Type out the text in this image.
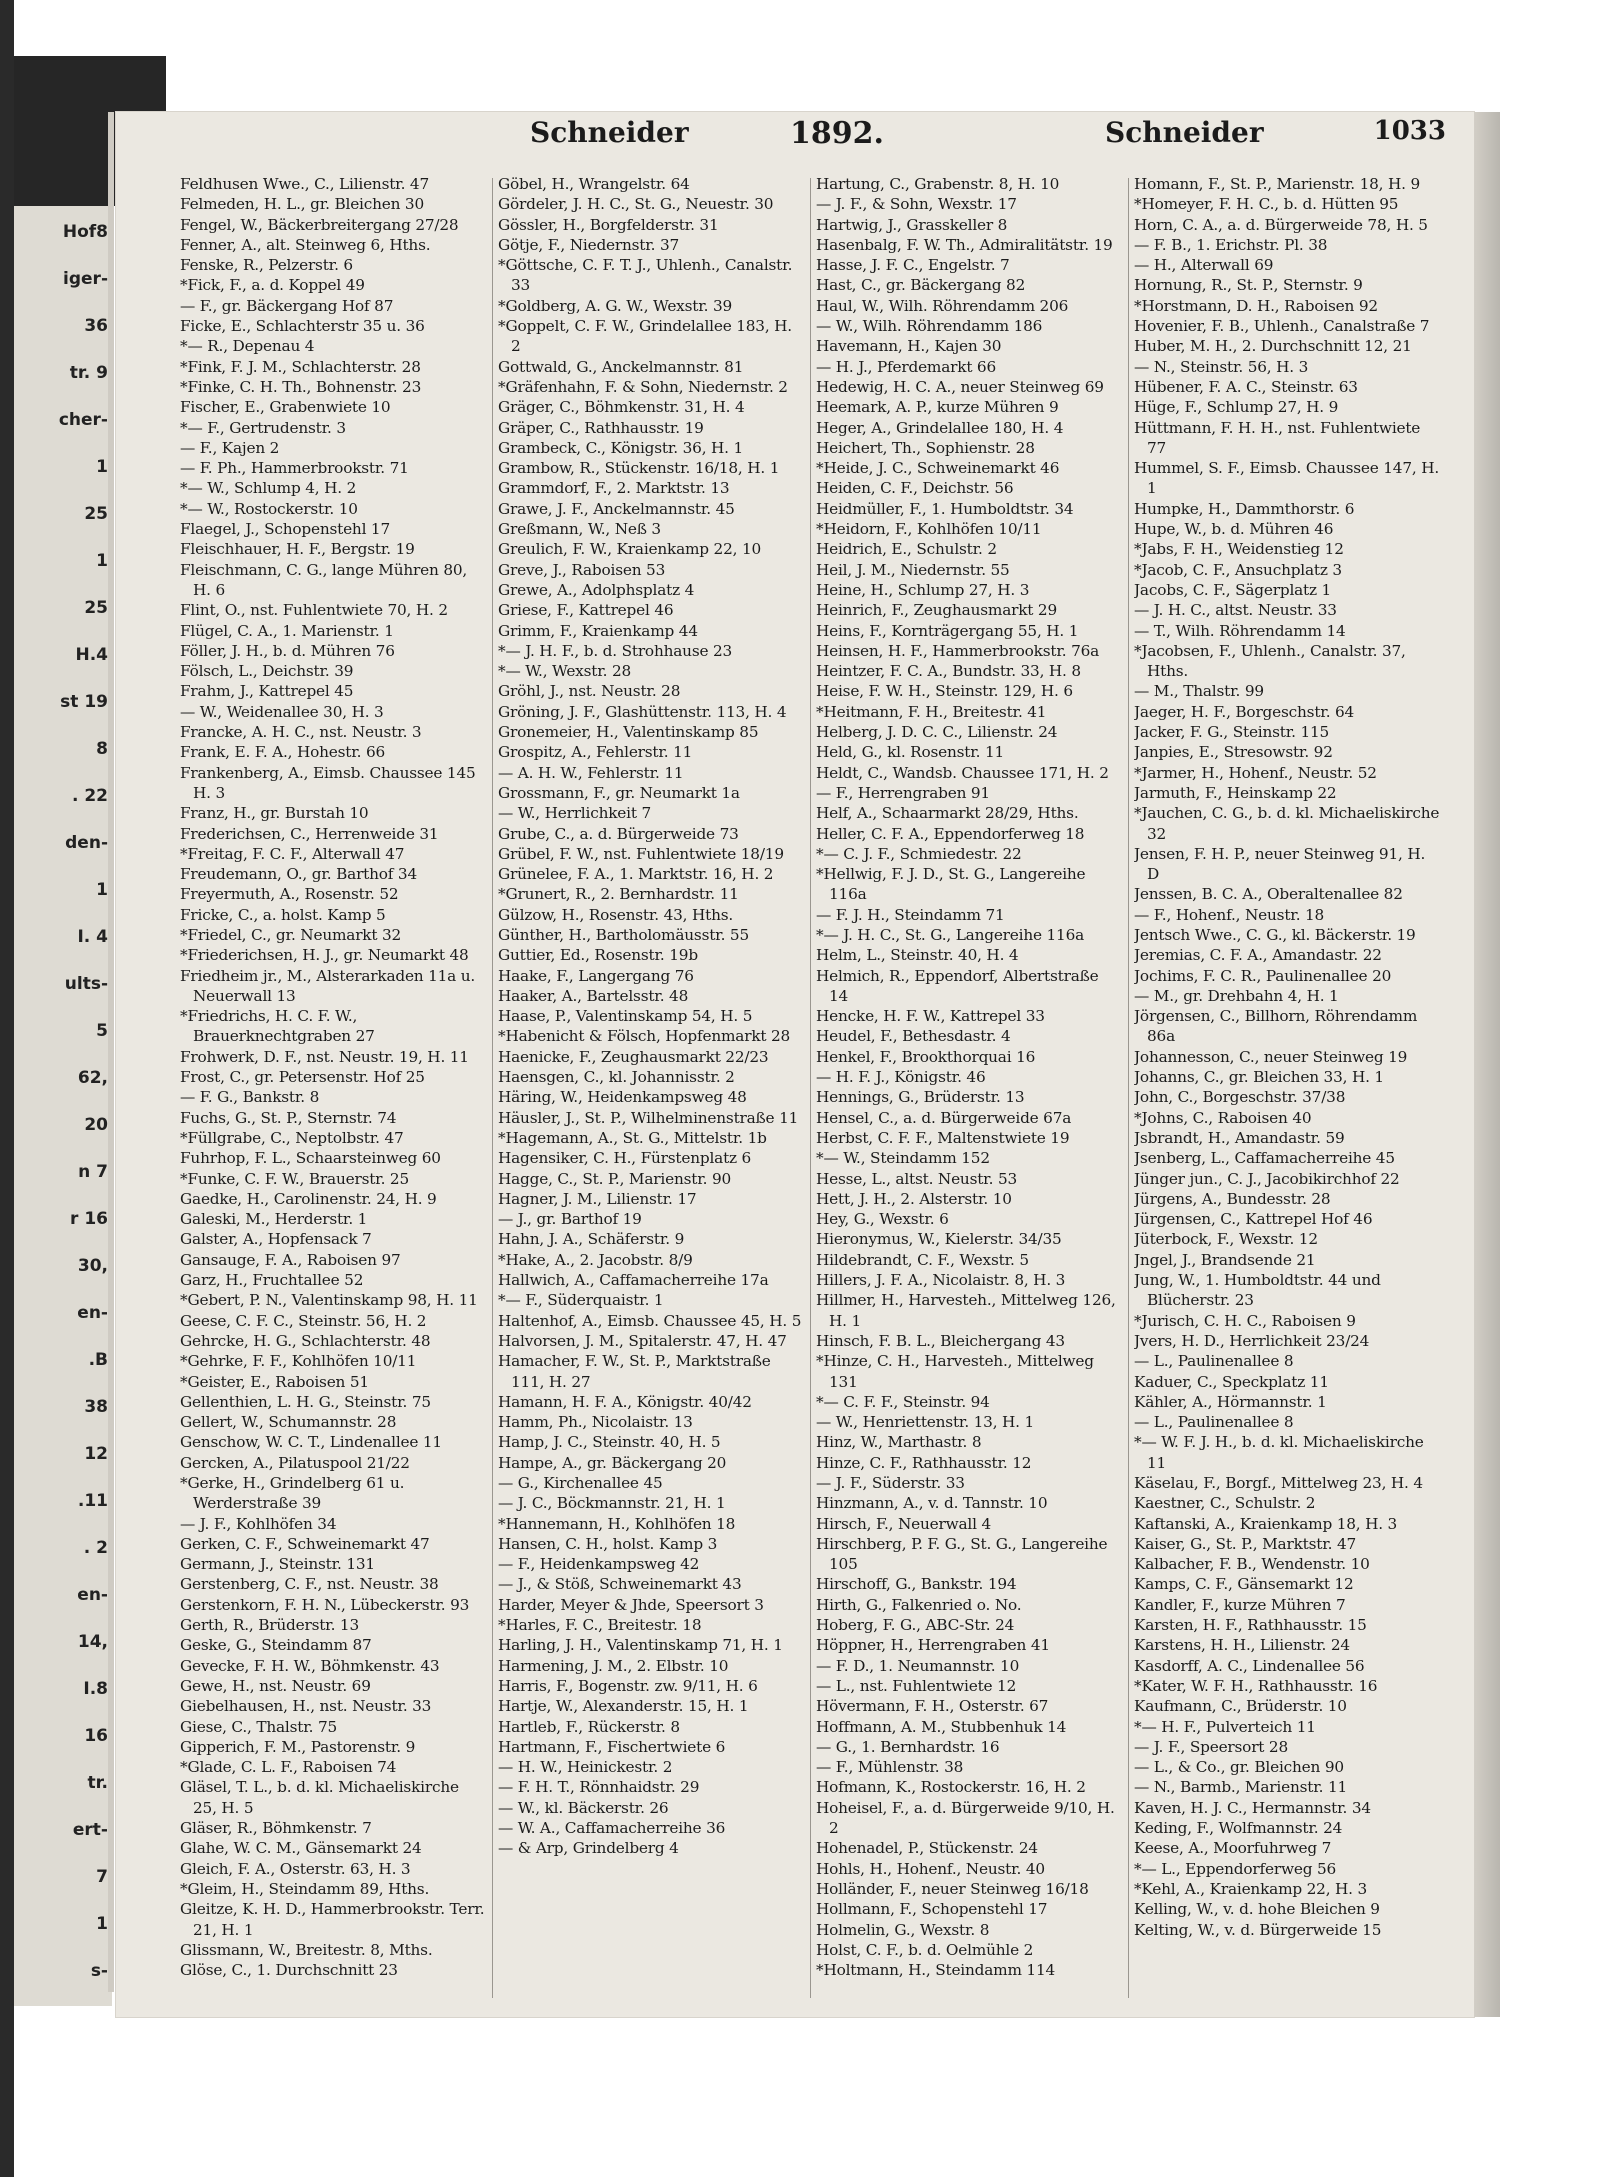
Hof8
iger-
36
tr. 9
cher-
1
25
1
25
H.4
st 19
8
. 22
den-
1
I. 4
ults-
5
62,
20
n 7
r 16
30,
en-
.B
38
12
.11
. 2
en-
14,
I.8
16
tr.
ert-
7
1
s-
Schneider	1892.	Schneider	1033
Feldhusen Wwe., C., Lilienstr. 47
Felmeden, H. L., gr. Bleichen 30
Fengel, W., Bäckerbreitergang 27/28
Fenner, A., alt. Steinweg 6, Hths.
Fenske, R., Pelzerstr. 6
*Fick, F., a. d. Koppel 49
— F., gr. Bäckergang Hof 87
Ficke, E., Schlachterstr 35 u. 36
*— R., Depenau 4
*Fink, F. J. M., Schlachterstr. 28
*Finke, C. H. Th., Bohnenstr. 23
Fischer, E., Grabenwiete 10
*— F., Gertrudenstr. 3
— F., Kajen 2
— F. Ph., Hammerbrookstr. 71
*— W., Schlump 4, H. 2
*— W., Rostockerstr. 10
Flaegel, J., Schopenstehl 17
Fleischhauer, H. F., Bergstr. 19
Fleischmann, C. G., lange Mühren 80, H. 6
Flint, O., nst. Fuhlentwiete 70, H. 2
Flügel, C. A., 1. Marienstr. 1
Föller, J. H., b. d. Mühren 76
Fölsch, L., Deichstr. 39
Frahm, J., Kattrepel 45
— W., Weidenallee 30, H. 3
Francke, A. H. C., nst. Neustr. 3
Frank, E. F. A., Hohestr. 66
Frankenberg, A., Eimsb. Chaussee 145 H. 3
Franz, H., gr. Burstah 10
Frederichsen, C., Herrenweide 31
*Freitag, F. C. F., Alterwall 47
Freudemann, O., gr. Barthof 34
Freyermuth, A., Rosenstr. 52
Fricke, C., a. holst. Kamp 5
*Friedel, C., gr. Neumarkt 32
*Friederichsen, H. J., gr. Neumarkt 48
Friedheim jr., M., Alsterarkaden 11a u. Neuerwall 13
*Friedrichs, H. C. F. W., Brauerknechtgraben 27
Frohwerk, D. F., nst. Neustr. 19, H. 11
Frost, C., gr. Petersenstr. Hof 25
— F. G., Bankstr. 8
Fuchs, G., St. P., Sternstr. 74
*Füllgrabe, C., Neptolbstr. 47
Fuhrhop, F. L., Schaarsteinweg 60
*Funke, C. F. W., Brauerstr. 25
Gaedke, H., Carolinenstr. 24, H. 9
Galeski, M., Herderstr. 1
Galster, A., Hopfensack 7
Gansauge, F. A., Raboisen 97
Garz, H., Fruchtallee 52
*Gebert, P. N., Valentinskamp 98, H. 11
Geese, C. F. C., Steinstr. 56, H. 2
Gehrcke, H. G., Schlachterstr. 48
*Gehrke, F. F., Kohlhöfen 10/11
*Geister, E., Raboisen 51
Gellenthien, L. H. G., Steinstr. 75
Gellert, W., Schumannstr. 28
Genschow, W. C. T., Lindenallee 11
Gercken, A., Pilatuspool 21/22
*Gerke, H., Grindelberg 61 u. Werderstraße 39
— J. F., Kohlhöfen 34
Gerken, C. F., Schweinemarkt 47
Germann, J., Steinstr. 131
Gerstenberg, C. F., nst. Neustr. 38
Gerstenkorn, F. H. N., Lübeckerstr. 93
Gerth, R., Brüderstr. 13
Geske, G., Steindamm 87
Gevecke, F. H. W., Böhmkenstr. 43
Gewe, H., nst. Neustr. 69
Giebelhausen, H., nst. Neustr. 33
Giese, C., Thalstr. 75
Gipperich, F. M., Pastorenstr. 9
*Glade, C. L. F., Raboisen 74
Gläsel, T. L., b. d. kl. Michaeliskirche 25, H. 5
Gläser, R., Böhmkenstr. 7
Glahe, W. C. M., Gänsemarkt 24
Gleich, F. A., Osterstr. 63, H. 3
*Gleim, H., Steindamm 89, Hths.
Gleitze, K. H. D., Hammerbrookstr. Terr. 21, H. 1
Glissmann, W., Breitestr. 8, Mths.
Glöse, C., 1. Durchschnitt 23
Göbel, H., Wrangelstr. 64
Gördeler, J. H. C., St. G., Neuestr. 30
Gössler, H., Borgfelderstr. 31
Götje, F., Niedernstr. 37
*Göttsche, C. F. T. J., Uhlenh., Canalstr. 33
*Goldberg, A. G. W., Wexstr. 39
*Goppelt, C. F. W., Grindelallee 183, H. 2
Gottwald, G., Anckelmannstr. 81
*Gräfenhahn, F. & Sohn, Niedernstr. 2
Gräger, C., Böhmkenstr. 31, H. 4
Gräper, C., Rathhausstr. 19
Grambeck, C., Königstr. 36, H. 1
Grambow, R., Stückenstr. 16/18, H. 1
Grammdorf, F., 2. Marktstr. 13
Grawe, J. F., Anckelmannstr. 45
Greßmann, W., Neß 3
Greulich, F. W., Kraienkamp 22, 10
Greve, J., Raboisen 53
Grewe, A., Adolphsplatz 4
Griese, F., Kattrepel 46
Grimm, F., Kraienkamp 44
*— J. H. F., b. d. Strohhause 23
*— W., Wexstr. 28
Gröhl, J., nst. Neustr. 28
Gröning, J. F., Glashüttenstr. 113, H. 4
Gronemeier, H., Valentinskamp 85
Grospitz, A., Fehlerstr. 11
— A. H. W., Fehlerstr. 11
Grossmann, F., gr. Neumarkt 1a
— W., Herrlichkeit 7
Grube, C., a. d. Bürgerweide 73
Grübel, F. W., nst. Fuhlentwiete 18/19
Grünelee, F. A., 1. Marktstr. 16, H. 2
*Grunert, R., 2. Bernhardstr. 11
Gülzow, H., Rosenstr. 43, Hths.
Günther, H., Bartholomäusstr. 55
Guttier, Ed., Rosenstr. 19b
Haake, F., Langergang 76
Haaker, A., Bartelsstr. 48
Haase, P., Valentinskamp 54, H. 5
*Habenicht & Fölsch, Hopfenmarkt 28
Haenicke, F., Zeughausmarkt 22/23
Haensgen, C., kl. Johannisstr. 2
Häring, W., Heidenkampsweg 48
Häusler, J., St. P., Wilhelminenstraße 11
*Hagemann, A., St. G., Mittelstr. 1b
Hagensiker, C. H., Fürstenplatz 6
Hagge, C., St. P., Marienstr. 90
Hagner, J. M., Lilienstr. 17
— J., gr. Barthof 19
Hahn, J. A., Schäferstr. 9
*Hake, A., 2. Jacobstr. 8/9
Hallwich, A., Caffamacherreihe 17a
*— F., Süderquaistr. 1
Haltenhof, A., Eimsb. Chaussee 45, H. 5
Halvorsen, J. M., Spitalerstr. 47, H. 47
Hamacher, F. W., St. P., Marktstraße 111, H. 27
Hamann, H. F. A., Königstr. 40/42
Hamm, Ph., Nicolaistr. 13
Hamp, J. C., Steinstr. 40, H. 5
Hampe, A., gr. Bäckergang 20
— G., Kirchenallee 45
— J. C., Böckmannstr. 21, H. 1
*Hannemann, H., Kohlhöfen 18
Hansen, C. H., holst. Kamp 3
— F., Heidenkampsweg 42
— J., & Stöß, Schweinemarkt 43
Harder, Meyer & Jhde, Speersort 3
*Harles, F. C., Breitestr. 18
Harling, J. H., Valentinskamp 71, H. 1
Harmening, J. M., 2. Elbstr. 10
Harris, F., Bogenstr. zw. 9/11, H. 6
Hartje, W., Alexanderstr. 15, H. 1
Hartleb, F., Rückerstr. 8
Hartmann, F., Fischertwiete 6
— H. W., Heinickestr. 2
— F. H. T., Rönnhaidstr. 29
— W., kl. Bäckerstr. 26
— W. A., Caffamacherreihe 36
— & Arp, Grindelberg 4
Hartung, C., Grabenstr. 8, H. 10
— J. F., & Sohn, Wexstr. 17
Hartwig, J., Grasskeller 8
Hasenbalg, F. W. Th., Admiralitätstr. 19
Hasse, J. F. C., Engelstr. 7
Hast, C., gr. Bäckergang 82
Haul, W., Wilh. Röhrendamm 206
— W., Wilh. Röhrendamm 186
Havemann, H., Kajen 30
— H. J., Pferdemarkt 66
Hedewig, H. C. A., neuer Steinweg 69
Heemark, A. P., kurze Mühren 9
Heger, A., Grindelallee 180, H. 4
Heichert, Th., Sophienstr. 28
*Heide, J. C., Schweinemarkt 46
Heiden, C. F., Deichstr. 56
Heidmüller, F., 1. Humboldtstr. 34
*Heidorn, F., Kohlhöfen 10/11
Heidrich, E., Schulstr. 2
Heil, J. M., Niedernstr. 55
Heine, H., Schlump 27, H. 3
Heinrich, F., Zeughausmarkt 29
Heins, F., Kornträgergang 55, H. 1
Heinsen, H. F., Hammerbrookstr. 76a
Heintzer, F. C. A., Bundstr. 33, H. 8
Heise, F. W. H., Steinstr. 129, H. 6
*Heitmann, F. H., Breitestr. 41
Helberg, J. D. C. C., Lilienstr. 24
Held, G., kl. Rosenstr. 11
Heldt, C., Wandsb. Chaussee 171, H. 2
— F., Herrengraben 91
Helf, A., Schaarmarkt 28/29, Hths.
Heller, C. F. A., Eppendorferweg 18
*— C. J. F., Schmiedestr. 22
*Hellwig, F. J. D., St. G., Langereihe 116a
— F. J. H., Steindamm 71
*— J. H. C., St. G., Langereihe 116a
Helm, L., Steinstr. 40, H. 4
Helmich, R., Eppendorf, Albertstraße 14
Hencke, H. F. W., Kattrepel 33
Heudel, F., Bethesdastr. 4
Henkel, F., Brookthorquai 16
— H. F. J., Königstr. 46
Hennings, G., Brüderstr. 13
Hensel, C., a. d. Bürgerweide 67a
Herbst, C. F. F., Maltenstwiete 19
*— W., Steindamm 152
Hesse, L., altst. Neustr. 53
Hett, J. H., 2. Alsterstr. 10
Hey, G., Wexstr. 6
Hieronymus, W., Kielerstr. 34/35
Hildebrandt, C. F., Wexstr. 5
Hillers, J. F. A., Nicolaistr. 8, H. 3
Hillmer, H., Harvesteh., Mittelweg 126, H. 1
Hinsch, F. B. L., Bleichergang 43
*Hinze, C. H., Harvesteh., Mittelweg 131
*— C. F. F., Steinstr. 94
— W., Henriettenstr. 13, H. 1
Hinz, W., Marthastr. 8
Hinze, C. F., Rathhausstr. 12
— J. F., Süderstr. 33
Hinzmann, A., v. d. Tannstr. 10
Hirsch, F., Neuerwall 4
Hirschberg, P. F. G., St. G., Langereihe 105
Hirschoff, G., Bankstr. 194
Hirth, G., Falkenried o. No.
Hoberg, F. G., ABC-Str. 24
Höppner, H., Herrengraben 41
— F. D., 1. Neumannstr. 10
— L., nst. Fuhlentwiete 12
Hövermann, F. H., Osterstr. 67
Hoffmann, A. M., Stubbenhuk 14
— G., 1. Bernhardstr. 16
— F., Mühlenstr. 38
Hofmann, K., Rostockerstr. 16, H. 2
Hoheisel, F., a. d. Bürgerweide 9/10, H. 2
Hohenadel, P., Stückenstr. 24
Hohls, H., Hohenf., Neustr. 40
Holländer, F., neuer Steinweg 16/18
Hollmann, F., Schopenstehl 17
Holmelin, G., Wexstr. 8
Holst, C. F., b. d. Oelmühle 2
*Holtmann, H., Steindamm 114
Homann, F., St. P., Marienstr. 18, H. 9
*Homeyer, F. H. C., b. d. Hütten 95
Horn, C. A., a. d. Bürgerweide 78, H. 5
— F. B., 1. Erichstr. Pl. 38
— H., Alterwall 69
Hornung, R., St. P., Sternstr. 9
*Horstmann, D. H., Raboisen 92
Hovenier, F. B., Uhlenh., Canalstraße 7
Huber, M. H., 2. Durchschnitt 12, 21
— N., Steinstr. 56, H. 3
Hübener, F. A. C., Steinstr. 63
Hüge, F., Schlump 27, H. 9
Hüttmann, F. H. H., nst. Fuhlentwiete 77
Hummel, S. F., Eimsb. Chaussee 147, H. 1
Humpke, H., Dammthorstr. 6
Hupe, W., b. d. Mühren 46
*Jabs, F. H., Weidenstieg 12
*Jacob, C. F., Ansuchplatz 3
Jacobs, C. F., Sägerplatz 1
— J. H. C., altst. Neustr. 33
— T., Wilh. Röhrendamm 14
*Jacobsen, F., Uhlenh., Canalstr. 37, Hths.
— M., Thalstr. 99
Jaeger, H. F., Borgeschstr. 64
Jacker, F. G., Steinstr. 115
Janpies, E., Stresowstr. 92
*Jarmer, H., Hohenf., Neustr. 52
Jarmuth, F., Heinskamp 22
*Jauchen, C. G., b. d. kl. Michaeliskirche 32
Jensen, F. H. P., neuer Steinweg 91, H. D
Jenssen, B. C. A., Oberaltenallee 82
— F., Hohenf., Neustr. 18
Jentsch Wwe., C. G., kl. Bäckerstr. 19
Jeremias, C. F. A., Amandastr. 22
Jochims, F. C. R., Paulinenallee 20
— M., gr. Drehbahn 4, H. 1
Jörgensen, C., Billhorn, Röhrendamm 86a
Johannesson, C., neuer Steinweg 19
Johanns, C., gr. Bleichen 33, H. 1
John, C., Borgeschstr. 37/38
*Johns, C., Raboisen 40
Jsbrandt, H., Amandastr. 59
Jsenberg, L., Caffamacherreihe 45
Jünger jun., C. J., Jacobikirchhof 22
Jürgens, A., Bundesstr. 28
Jürgensen, C., Kattrepel Hof 46
Jüterbock, F., Wexstr. 12
Jngel, J., Brandsende 21
Jung, W., 1. Humboldtstr. 44 und Blücherstr. 23
*Jurisch, C. H. C., Raboisen 9
Jvers, H. D., Herrlichkeit 23/24
— L., Paulinenallee 8
Kaduer, C., Speckplatz 11
Kähler, A., Hörmannstr. 1
— L., Paulinenallee 8
*— W. F. J. H., b. d. kl. Michaeliskirche 11
Käselau, F., Borgf., Mittelweg 23, H. 4
Kaestner, C., Schulstr. 2
Kaftanski, A., Kraienkamp 18, H. 3
Kaiser, G., St. P., Marktstr. 47
Kalbacher, F. B., Wendenstr. 10
Kamps, C. F., Gänsemarkt 12
Kandler, F., kurze Mühren 7
Karsten, H. F., Rathhausstr. 15
Karstens, H. H., Lilienstr. 24
Kasdorff, A. C., Lindenallee 56
*Kater, W. F. H., Rathhausstr. 16
Kaufmann, C., Brüderstr. 10
*— H. F., Pulverteich 11
— J. F., Speersort 28
— L., & Co., gr. Bleichen 90
— N., Barmb., Marienstr. 11
Kaven, H. J. C., Hermannstr. 34
Keding, F., Wolfmannstr. 24
Keese, A., Moorfuhrweg 7
*— L., Eppendorferweg 56
*Kehl, A., Kraienkamp 22, H. 3
Kelling, W., v. d. hohe Bleichen 9
Kelting, W., v. d. Bürgerweide 15
